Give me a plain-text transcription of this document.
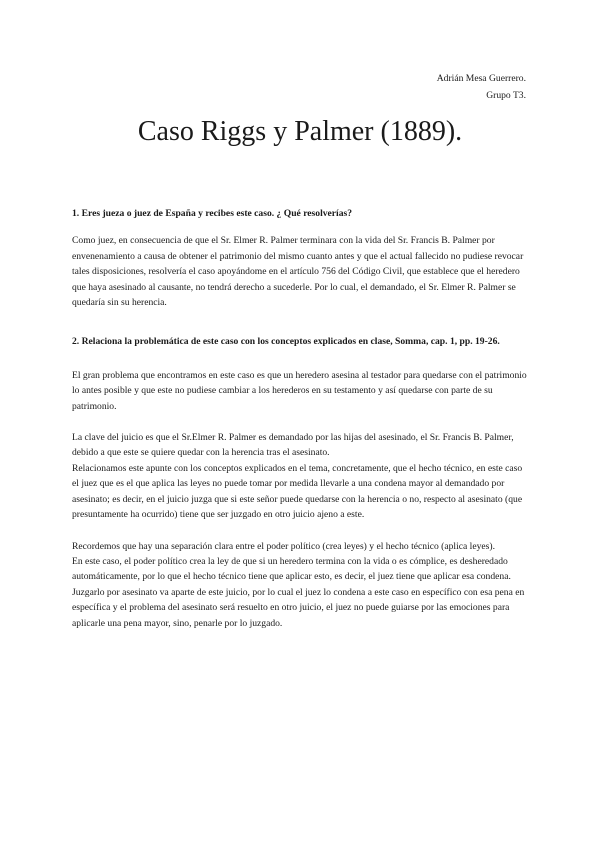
Adrián Mesa Guerrero.
Grupo T3.
Caso Riggs y Palmer (1889).

1. Eres jueza o juez de España y recibes este caso. ¿ Qué resolverías?

Como juez, en consecuencia de que el Sr. Elmer R. Palmer terminara con la vida del Sr. Francis B. Palmer por envenenamiento a causa de obtener el patrimonio del mismo cuanto antes y que el actual fallecido no pudiese revocar tales disposiciones, resolvería el caso apoyándome en el artículo 756 del Código Civil, que establece que el heredero que haya asesinado al causante, no tendrá derecho a sucederle. Por lo cual, el demandado, el Sr. Elmer R. Palmer se quedaría sin su herencia.

2. Relaciona la problemática de este caso con los conceptos explicados en clase, Somma, cap. 1, pp. 19-26.

El gran problema que encontramos en este caso es que un heredero asesina al testador para quedarse con el patrimonio lo antes posible y que este no pudiese cambiar a los herederos en su testamento y así quedarse con parte de su patrimonio.

La clave del juicio es que el Sr.Elmer R. Palmer es demandado por las hijas del asesinado, el Sr. Francis B. Palmer, debido a que este se quiere quedar con la herencia tras el asesinato.

Relacionamos este apunte con los conceptos explicados en el tema, concretamente, que el hecho técnico, en este caso el juez que es el que aplica las leyes no puede tomar por medida llevarle a una condena mayor al demandado por asesinato; es decir, en el juicio juzga que si este señor puede quedarse con la herencia o no, respecto al asesinato (que presuntamente ha ocurrido) tiene que ser juzgado en otro juicio ajeno a este.

Recordemos que hay una separación clara entre el poder político (crea leyes) y el hecho técnico (aplica leyes).

En este caso, el poder político crea la ley de que si un heredero termina con la vida o es cómplice, es desheredado automáticamente, por lo que el hecho técnico tiene que aplicar esto, es decir, el juez tiene que aplicar esa condena.

Juzgarlo por asesinato va aparte de este juicio, por lo cual el juez lo condena a este caso en específico con esa pena en específica y el problema del asesinato será resuelto en otro juicio, el juez no puede guiarse por las emociones para aplicarle una pena mayor, sino, penarle por lo juzgado.
